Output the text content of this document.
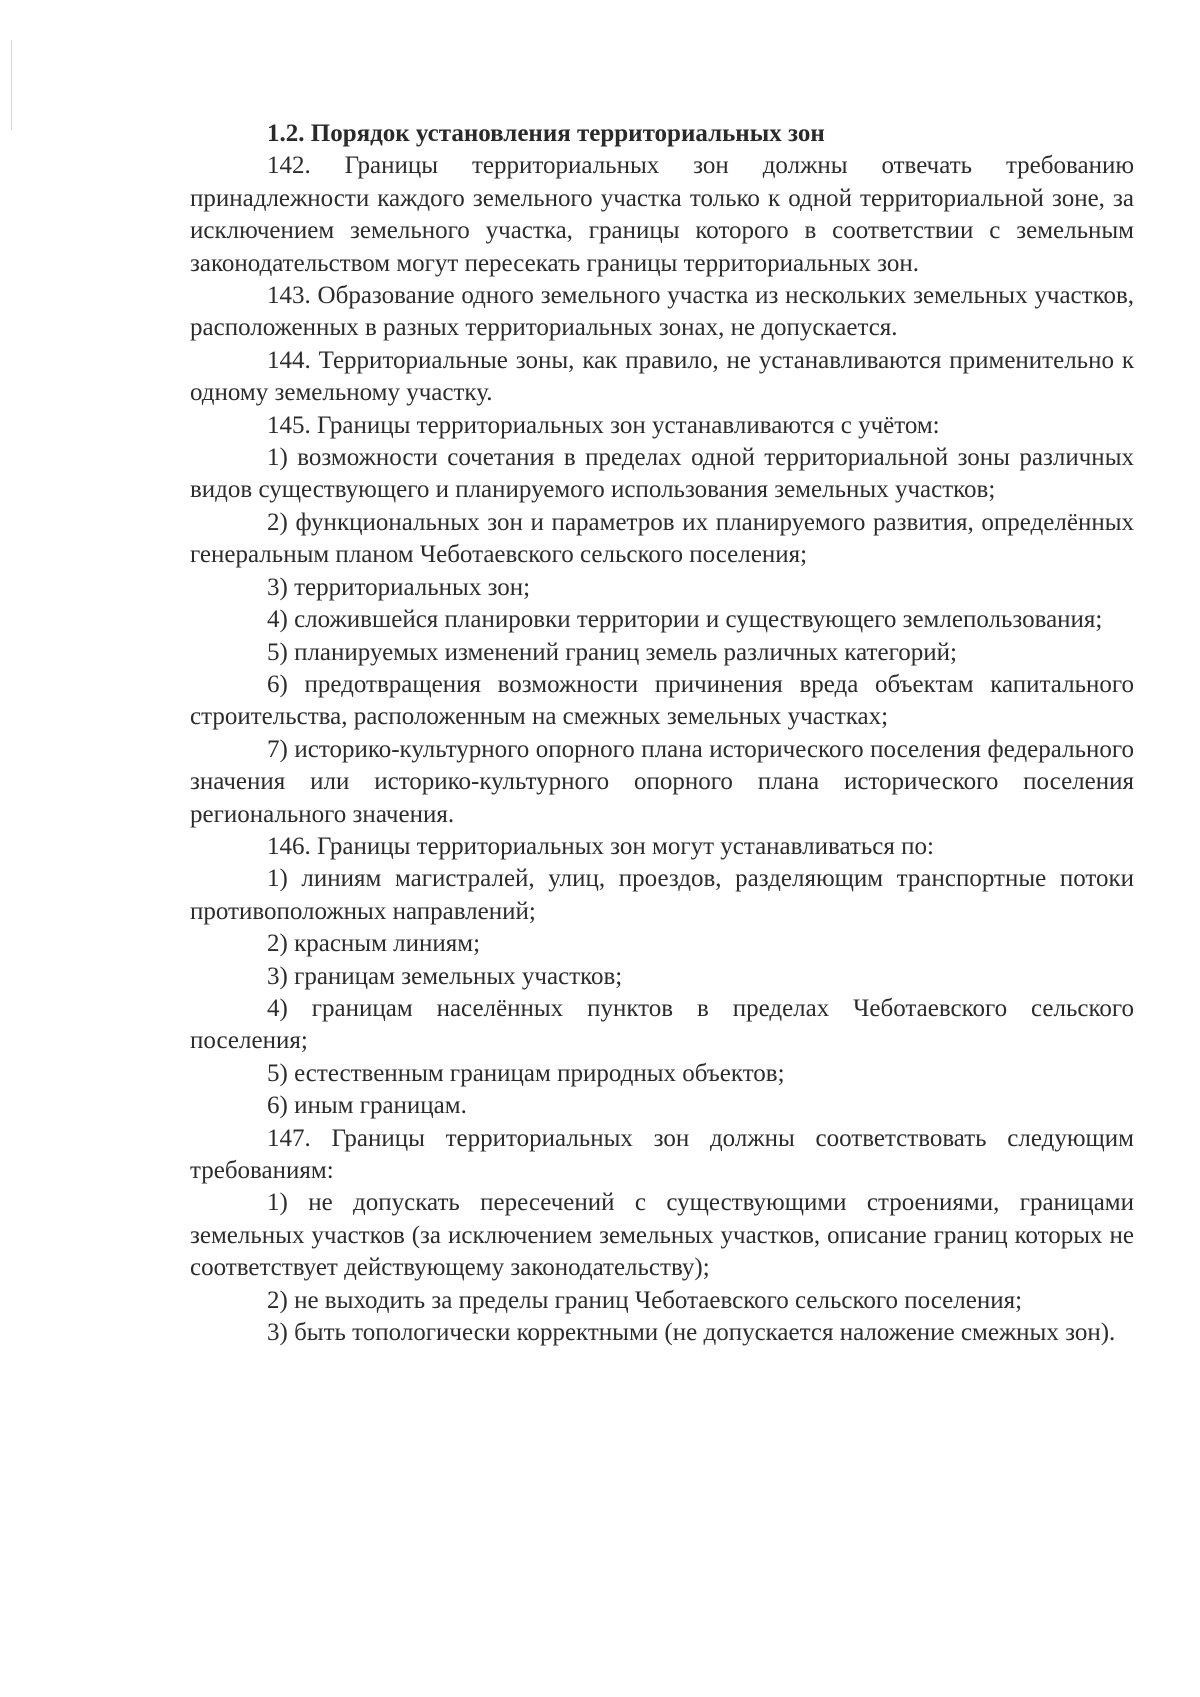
1.2. Порядок установления территориальных зон

142. Границы территориальных зон должны отвечать требованию принадлежности каждого земельного участка только к одной территориальной зоне, за исключением земельного участка, границы которого в соответствии с земельным законодательством могут пересекать границы территориальных зон.

143. Образование одного земельного участка из нескольких земельных участков, расположенных в разных территориальных зонах, не допускается.

144. Территориальные зоны, как правило, не устанавливаются применительно к одному земельному участку.

145. Границы территориальных зон устанавливаются с учётом:

1) возможности сочетания в пределах одной территориальной зоны различных видов существующего и планируемого использования земельных участков;

2) функциональных зон и параметров их планируемого развития, определённых генеральным планом Чеботаевского сельского поселения;

3) территориальных зон;

4) сложившейся планировки территории и существующего землепользования;

5) планируемых изменений границ земель различных категорий;

6) предотвращения возможности причинения вреда объектам капитального строительства, расположенным на смежных земельных участках;

7) историко-культурного опорного плана исторического поселения федерального значения или историко-культурного опорного плана исторического поселения регионального значения.

146. Границы территориальных зон могут устанавливаться по:

1) линиям магистралей, улиц, проездов, разделяющим транспортные потоки противоположных направлений;

2) красным линиям;

3) границам земельных участков;

4) границам населённых пунктов в пределах Чеботаевского сельского поселения;

5) естественным границам природных объектов;

6) иным границам.

147. Границы территориальных зон должны соответствовать следующим требованиям:

1) не допускать пересечений с существующими строениями, границами земельных участков (за исключением земельных участков, описание границ которых не соответствует действующему законодательству);

2) не выходить за пределы границ Чеботаевского сельского поселения;

3) быть топологически корректными (не допускается наложение смежных зон).
